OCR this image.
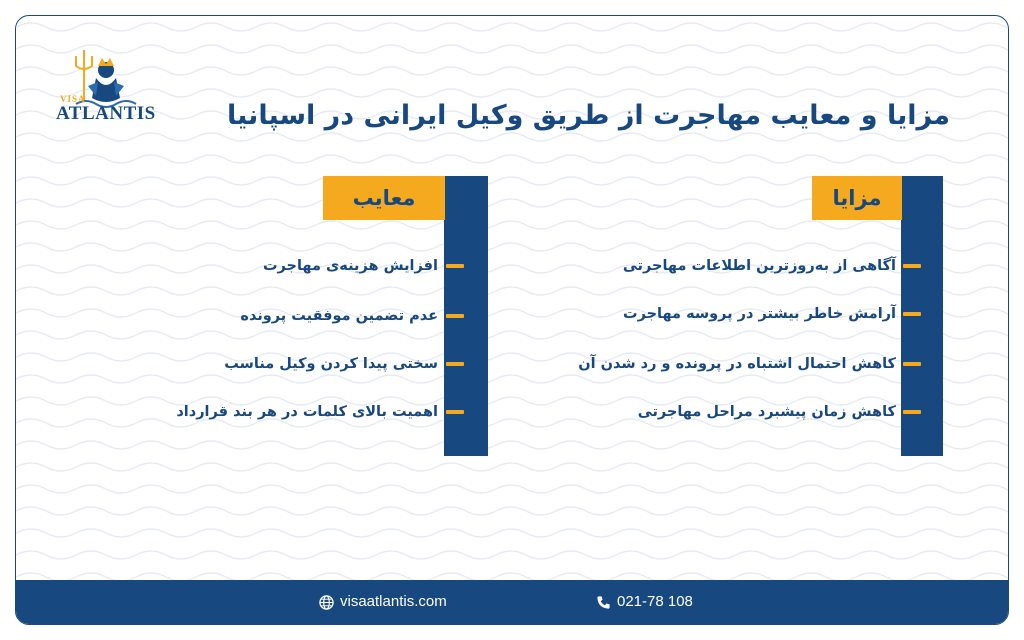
VISA
ATLANTIS	مزایا و معایب مهاجرت از طریق وکیل ایرانی در اسپانیا
مزایا
آگاهی از به‌روزترین اطلاعات مهاجرتی
آرامش خاطر بیشتر در پروسه مهاجرت
کاهش احتمال اشتباه در پرونده و رد شدن آن
کاهش زمان پیشبرد مراحل مهاجرتی
معایب
افزایش هزینه‌ی مهاجرت
عدم تضمین موفقیت پرونده
سختی پیدا کردن وکیل مناسب
اهمیت بالای کلمات در هر بند قرارداد
visaatlantis.com	021-78 108
